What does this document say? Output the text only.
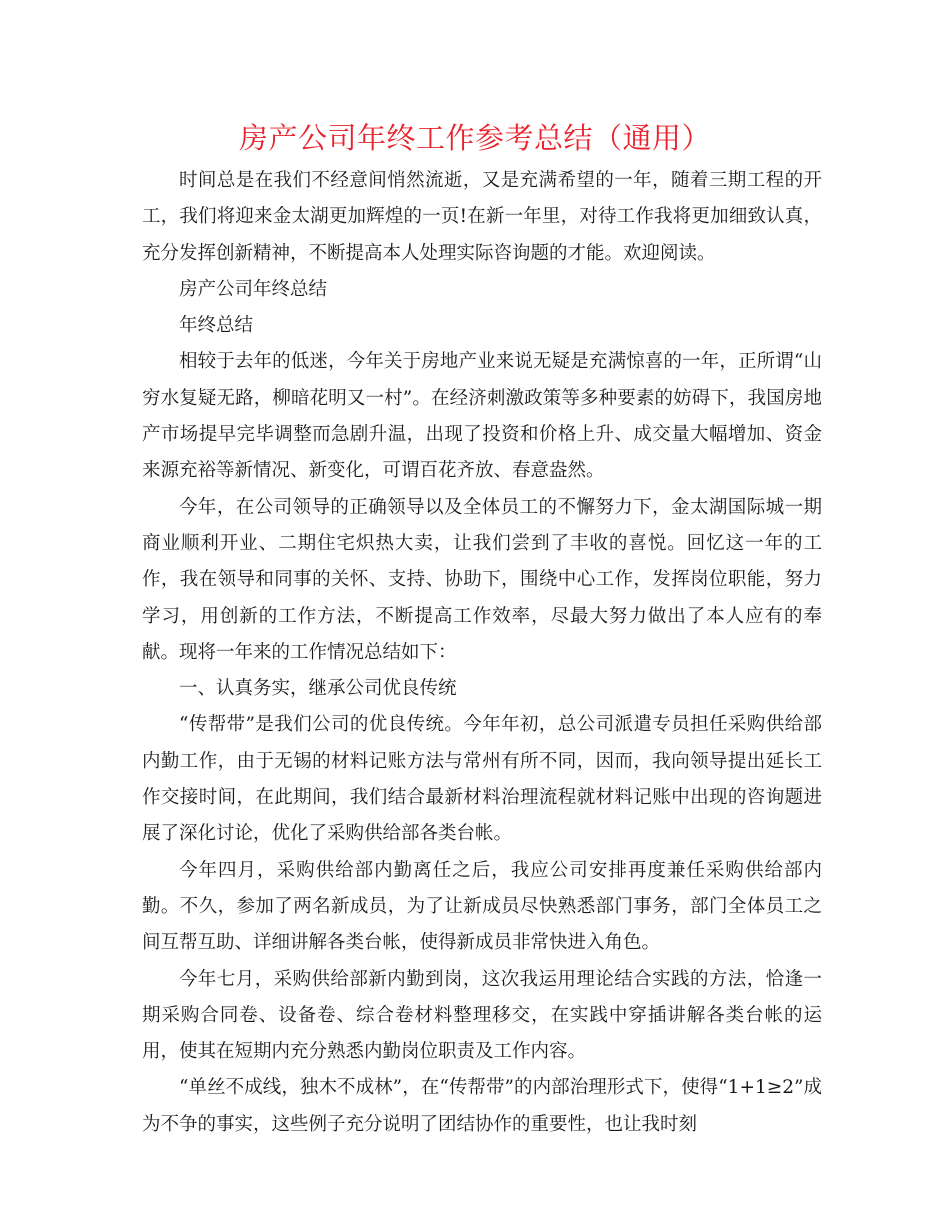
房产公司年终工作参考总结（通用）

时间总是在我们不经意间悄然流逝，又是充满希望的一年，随着三期工程的开工，我们将迎来金太湖更加辉煌的一页!在新一年里，对待工作我将更加细致认真，充分发挥创新精神，不断提高本人处理实际咨询题的才能。欢迎阅读。

房产公司年终总结

年终总结

相较于去年的低迷，今年关于房地产业来说无疑是充满惊喜的一年，正所谓“山穷水复疑无路，柳暗花明又一村”。在经济刺激政策等多种要素的妨碍下，我国房地产市场提早完毕调整而急剧升温，出现了投资和价格上升、成交量大幅增加、资金来源充裕等新情况、新变化，可谓百花齐放、春意盎然。

今年，在公司领导的正确领导以及全体员工的不懈努力下，金太湖国际城一期商业顺利开业、二期住宅炽热大卖，让我们尝到了丰收的喜悦。回忆这一年的工作，我在领导和同事的关怀、支持、协助下，围绕中心工作，发挥岗位职能，努力学习，用创新的工作方法，不断提高工作效率，尽最大努力做出了本人应有的奉献。现将一年来的工作情况总结如下：

一、认真务实，继承公司优良传统

“传帮带”是我们公司的优良传统。今年年初，总公司派遣专员担任采购供给部内勤工作，由于无锡的材料记账方法与常州有所不同，因而，我向领导提出延长工作交接时间，在此期间，我们结合最新材料治理流程就材料记账中出现的咨询题进展了深化讨论，优化了采购供给部各类台帐。

今年四月，采购供给部内勤离任之后，我应公司安排再度兼任采购供给部内勤。不久，参加了两名新成员，为了让新成员尽快熟悉部门事务，部门全体员工之间互帮互助、详细讲解各类台帐，使得新成员非常快进入角色。

今年七月，采购供给部新内勤到岗，这次我运用理论结合实践的方法，恰逢一期采购合同卷、设备卷、综合卷材料整理移交，在实践中穿插讲解各类台帐的运用，使其在短期内充分熟悉内勤岗位职责及工作内容。

“单丝不成线，独木不成林”，在“传帮带”的内部治理形式下，使得“1+1≥2”成为不争的事实，这些例子充分说明了团结协作的重要性，也让我时刻
